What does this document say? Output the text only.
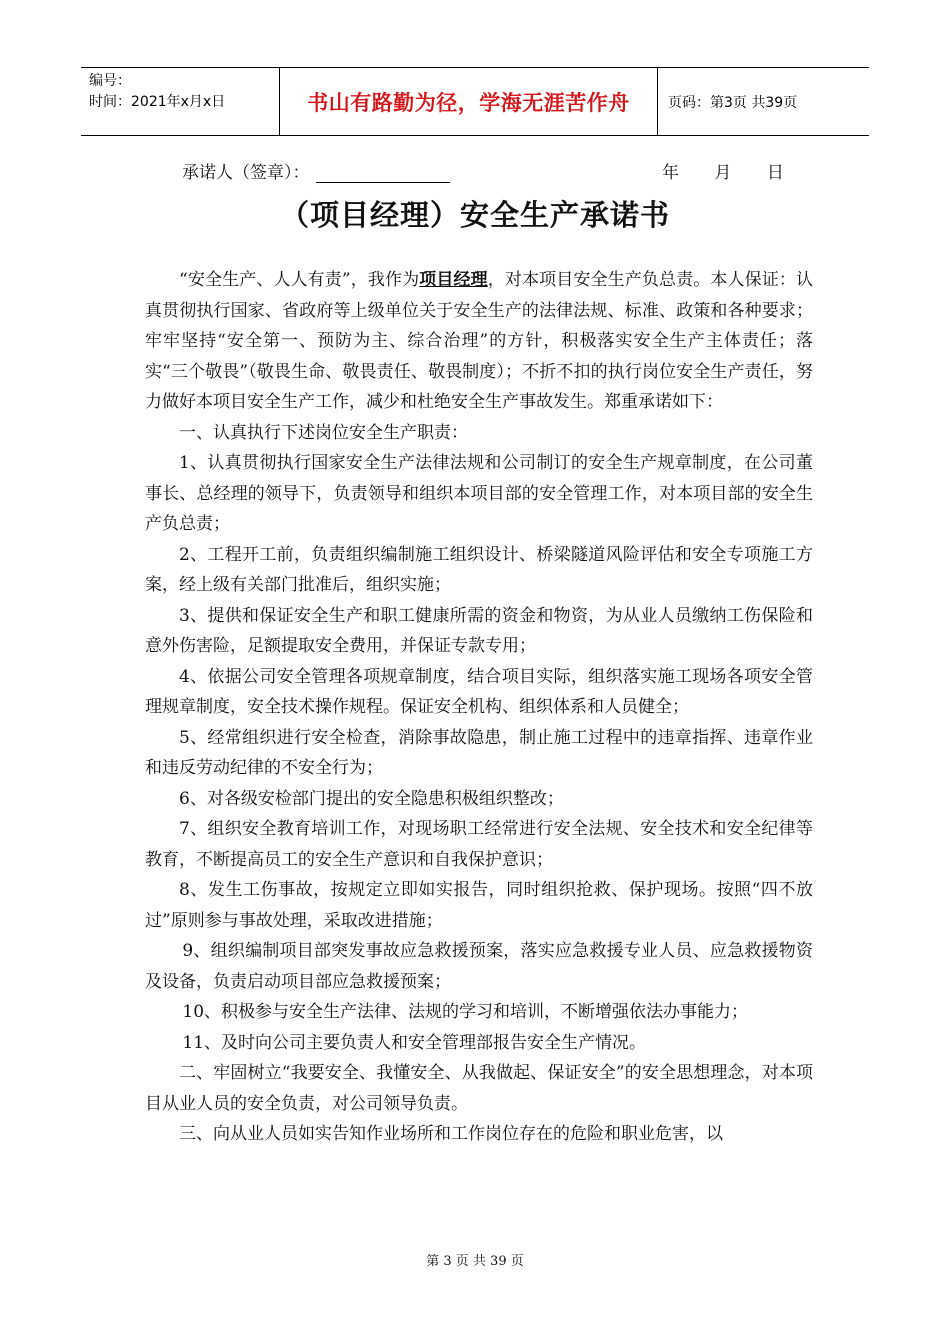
编号：
时间：2021年x月x日	书山有路勤为径，学海无涯苦作舟	页码：第3页 共39页
承诺人（签章）：	年 月 日
（项目经理）安全生产承诺书

“安全生产、人人有责”，我作为项目经理，对本项目安全生产负总责。本人保证：认真贯彻执行国家、省政府等上级单位关于安全生产的法律法规、标准、政策和各种要求；牢牢坚持“安全第一、预防为主、综合治理”的方针，积极落实安全生产主体责任；落实“三个敬畏”（敬畏生命、敬畏责任、敬畏制度）；不折不扣的执行岗位安全生产责任，努力做好本项目安全生产工作，减少和杜绝安全生产事故发生。郑重承诺如下：

一、认真执行下述岗位安全生产职责：

1、认真贯彻执行国家安全生产法律法规和公司制订的安全生产规章制度，在公司董事长、总经理的领导下，负责领导和组织本项目部的安全管理工作，对本项目部的安全生产负总责；

2、工程开工前，负责组织编制施工组织设计、桥梁隧道风险评估和安全专项施工方案，经上级有关部门批准后，组织实施；

3、提供和保证安全生产和职工健康所需的资金和物资，为从业人员缴纳工伤保险和意外伤害险，足额提取安全费用，并保证专款专用；

4、依据公司安全管理各项规章制度，结合项目实际，组织落实施工现场各项安全管理规章制度，安全技术操作规程。保证安全机构、组织体系和人员健全；

5、经常组织进行安全检查，消除事故隐患，制止施工过程中的违章指挥、违章作业和违反劳动纪律的不安全行为；

6、对各级安检部门提出的安全隐患积极组织整改；

7、组织安全教育培训工作，对现场职工经常进行安全法规、安全技术和安全纪律等教育，不断提高员工的安全生产意识和自我保护意识；

8、发生工伤事故，按规定立即如实报告，同时组织抢救、保护现场。按照“四不放过”原则参与事故处理，采取改进措施；

9、组织编制项目部突发事故应急救援预案，落实应急救援专业人员、应急救援物资及设备，负责启动项目部应急救援预案；

10、积极参与安全生产法律、法规的学习和培训，不断增强依法办事能力；

11、及时向公司主要负责人和安全管理部报告安全生产情况。

二、牢固树立“我要安全、我懂安全、从我做起、保证安全”的安全思想理念，对本项目从业人员的安全负责，对公司领导负责。

三、向从业人员如实告知作业场所和工作岗位存在的危险和职业危害，以

第 3 页 共 39 页
